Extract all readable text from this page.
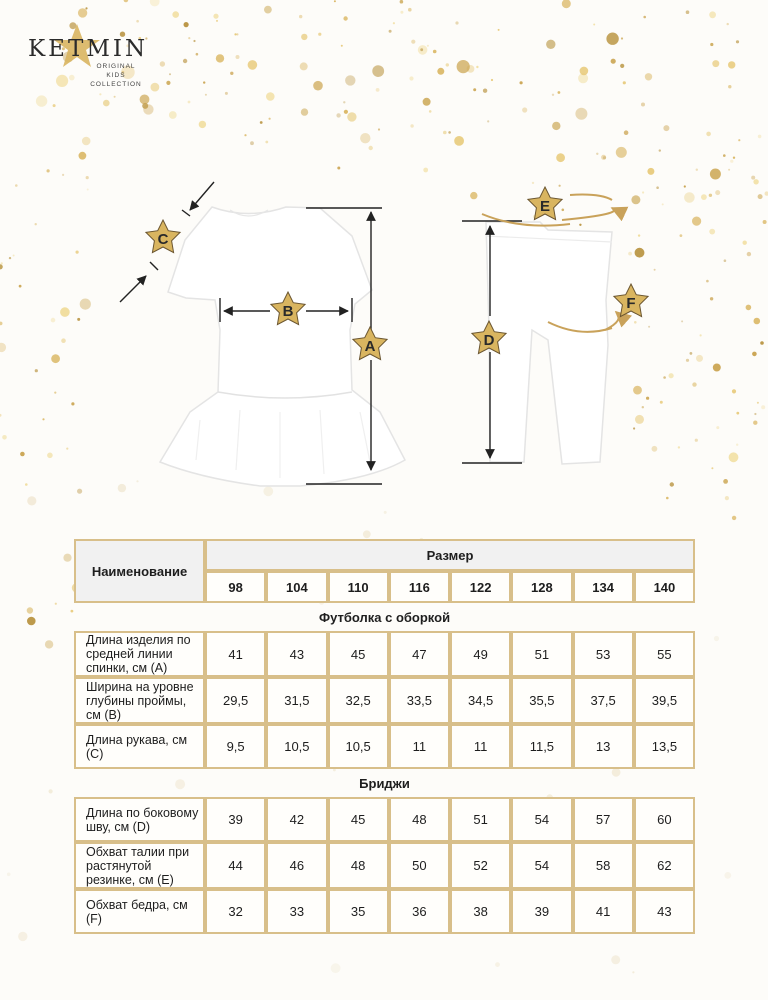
KETMIN
ORIGINAL KIDS
COLLECTION
A
B
C
D
E
F
Наименование	Размер							
	98	104	110	116	122	128	134	140
Футболка с оборкой								
Длина изделия по средней линии спинки, см (А)	41	43	45	47	49	51	53	55
Ширина на уровне глубины проймы, см (В)	29,5	31,5	32,5	33,5	34,5	35,5	37,5	39,5
Длина рукава, см (С)	9,5	10,5	10,5	11	11	11,5	13	13,5
Бриджи								
Длина по боковому шву, см (D)	39	42	45	48	51	54	57	60
Обхват талии при растянутой резинке, см (E)	44	46	48	50	52	54	58	62
Обхват бедра, см (F)	32	33	35	36	38	39	41	43
